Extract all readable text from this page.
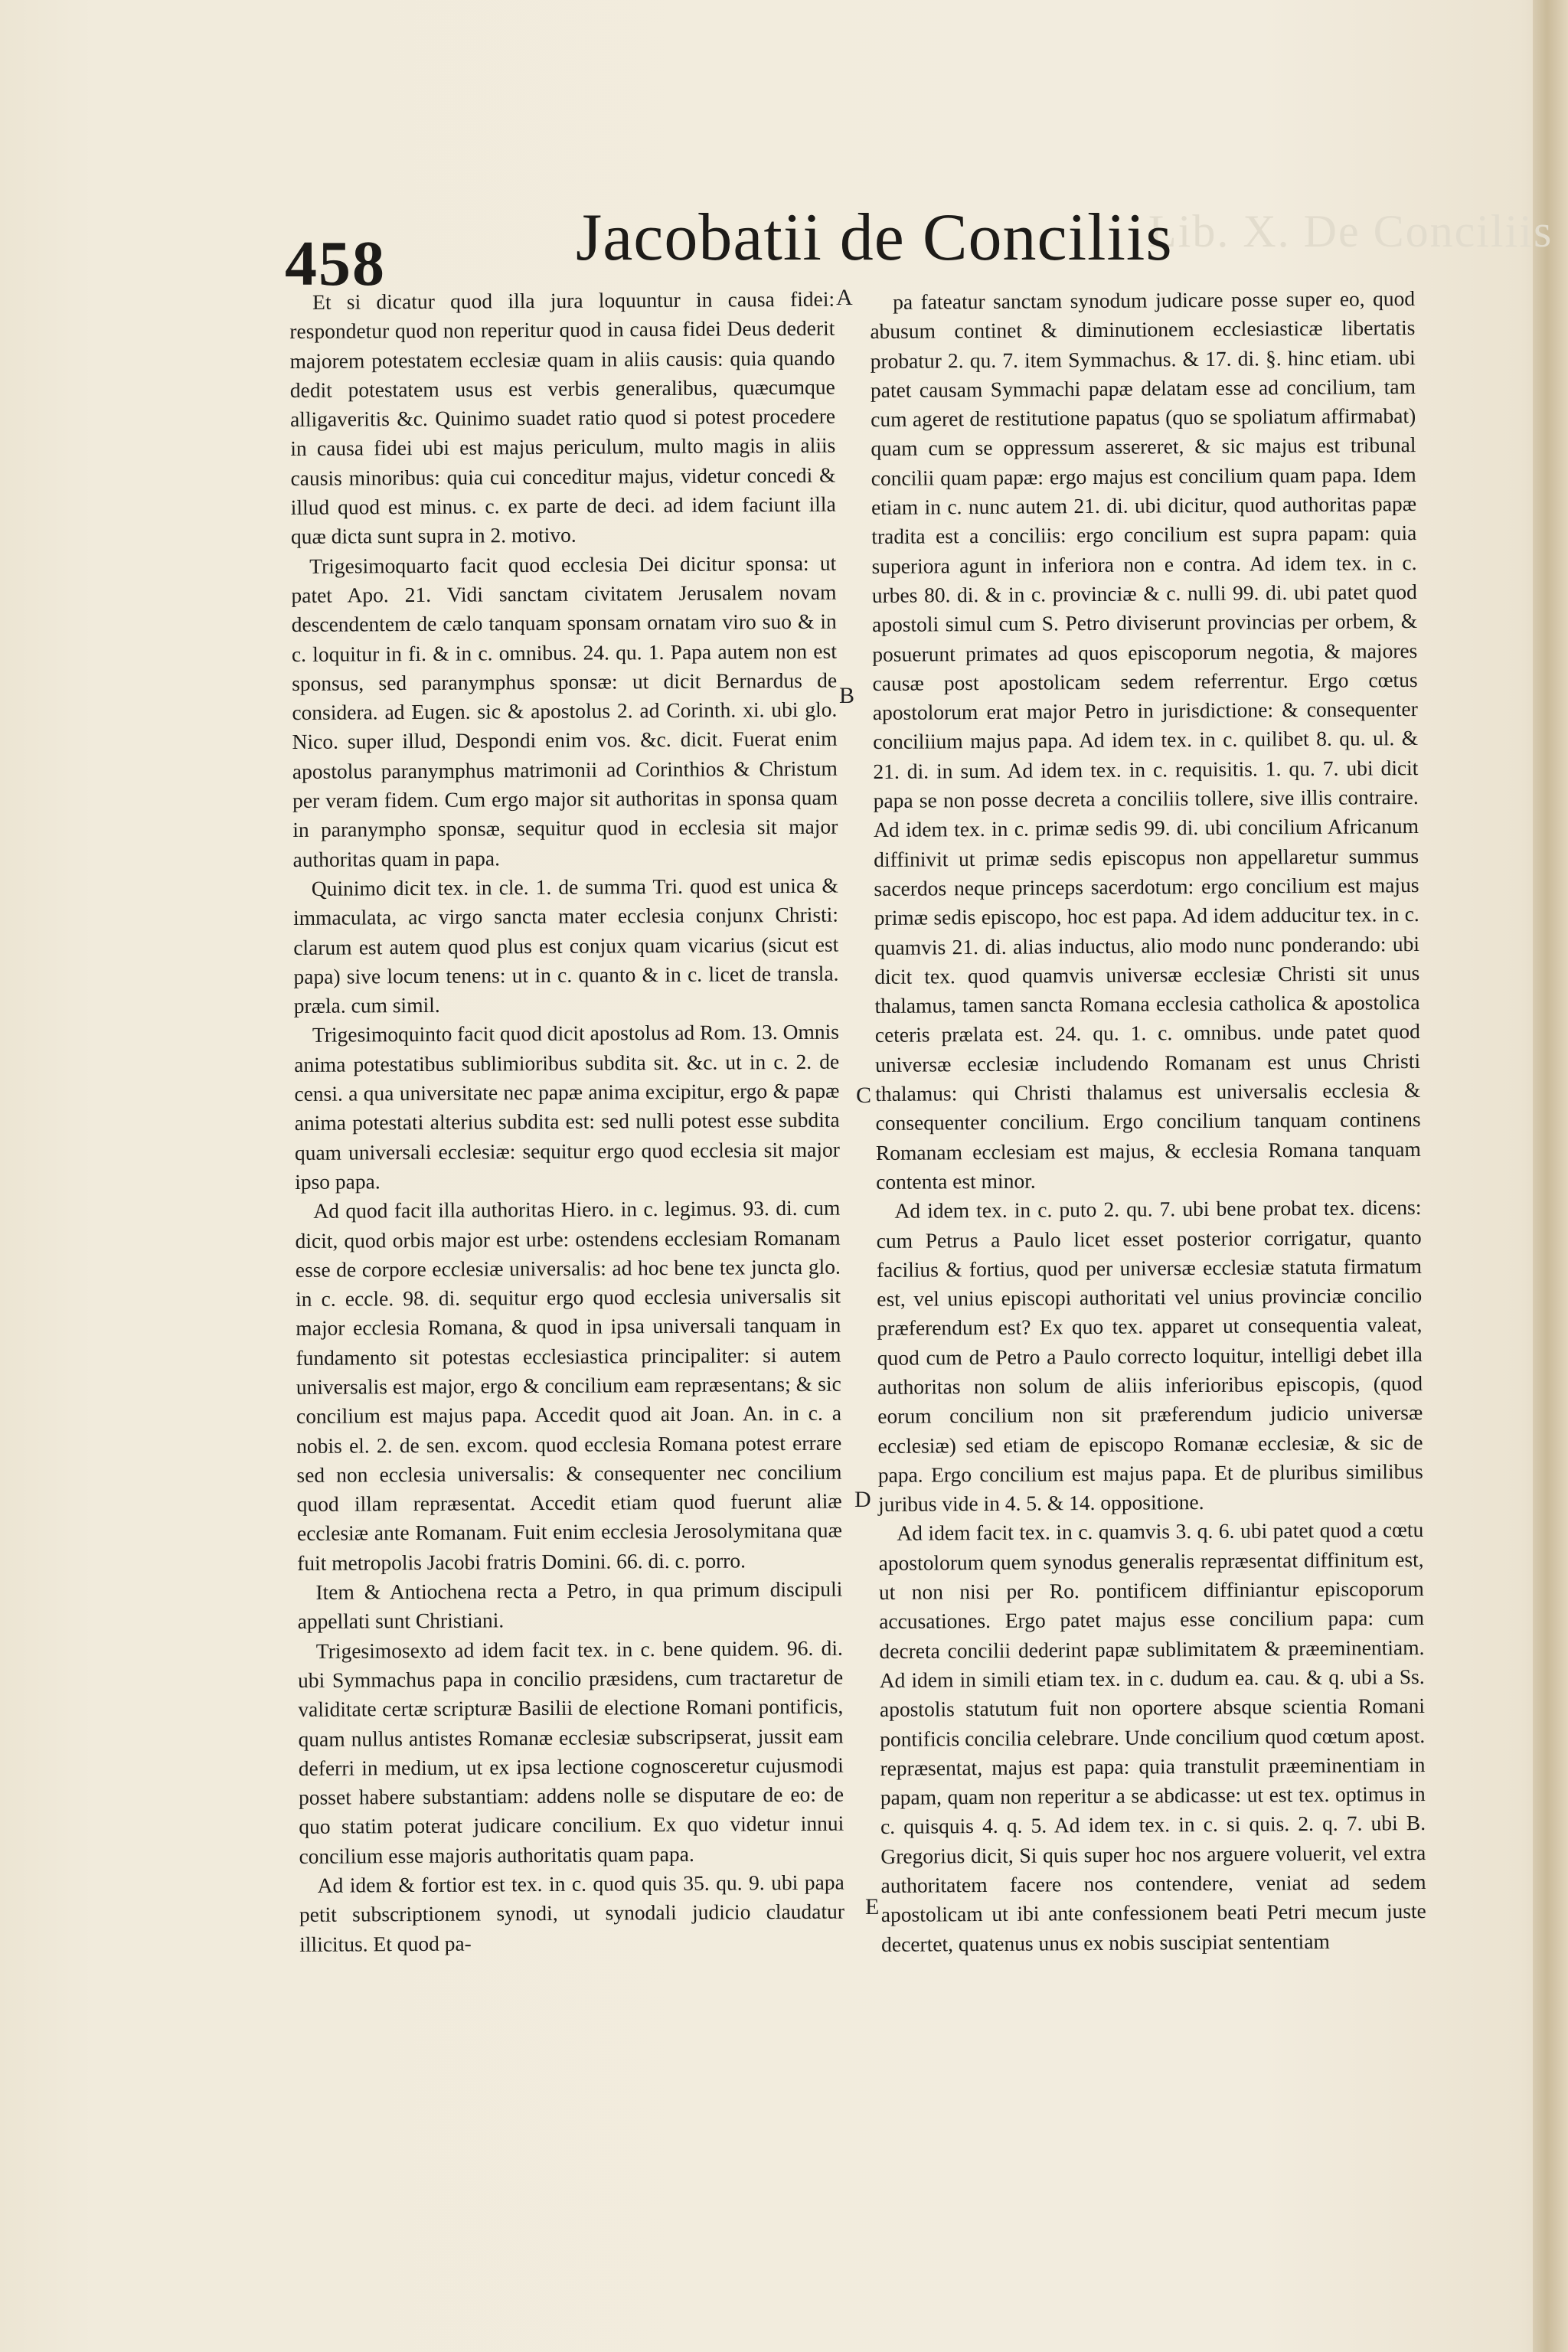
Lib. X. De Conciliis
458	Jacobatii de Conciliis

Et si dicatur quod illa jura loquuntur in causa fidei: respondetur quod non reperitur quod in causa fidei Deus dederit majorem potestatem ecclesiæ quam in aliis causis: quia quando dedit potestatem usus est verbis generalibus, quæcumque alligaveritis &c. Quinimo suadet ratio quod si potest procedere in causa fidei ubi est majus periculum, multo magis in aliis causis minoribus: quia cui conceditur majus, videtur concedi & illud quod est minus. c. ex parte de deci. ad idem faciunt illa quæ dicta sunt supra in 2. motivo.

Trigesimoquarto facit quod ecclesia Dei dicitur sponsa: ut patet Apo. 21. Vidi sanctam civitatem Jerusalem novam descendentem de cælo tanquam sponsam ornatam viro suo & in c. loquitur in fi. & in c. omnibus. 24. qu. 1. Papa autem non est sponsus, sed paranymphus sponsæ: ut dicit Bernardus de considera. ad Eugen. sic & apostolus 2. ad Corinth. xi. ubi glo. Nico. super illud, Despondi enim vos. &c. dicit. Fuerat enim apostolus paranymphus matrimonii ad Corinthios & Christum per veram fidem. Cum ergo major sit authoritas in sponsa quam in paranympho sponsæ, sequitur quod in ecclesia sit major authoritas quam in papa.

Quinimo dicit tex. in cle. 1. de summa Tri. quod est unica & immaculata, ac virgo sancta mater ecclesia conjunx Christi: clarum est autem quod plus est conjux quam vicarius (sicut est papa) sive locum tenens: ut in c. quanto & in c. licet de transla. præla. cum simil.

Trigesimoquinto facit quod dicit apostolus ad Rom. 13. Omnis anima potestatibus sublimioribus subdita sit. &c. ut in c. 2. de censi. a qua universitate nec papæ anima excipitur, ergo & papæ anima potestati alterius subdita est: sed nulli potest esse subdita quam universali ecclesiæ: sequitur ergo quod ecclesia sit major ipso papa.

Ad quod facit illa authoritas Hiero. in c. legimus. 93. di. cum dicit, quod orbis major est urbe: ostendens ecclesiam Romanam esse de corpore ecclesiæ universalis: ad hoc bene tex juncta glo. in c. eccle. 98. di. sequitur ergo quod ecclesia universalis sit major ecclesia Romana, & quod in ipsa universali tanquam in fundamento sit potestas ecclesiastica principaliter: si autem universalis est major, ergo & concilium eam repræsentans; & sic concilium est majus papa. Accedit quod ait Joan. An. in c. a nobis el. 2. de sen. excom. quod ecclesia Romana potest errare sed non ecclesia universalis: & consequenter nec concilium quod illam repræsentat. Accedit etiam quod fuerunt aliæ ecclesiæ ante Romanam. Fuit enim ecclesia Jerosolymitana quæ fuit metropolis Jacobi fratris Domini. 66. di. c. porro.

Item & Antiochena recta a Petro, in qua primum discipuli appellati sunt Christiani.

Trigesimosexto ad idem facit tex. in c. bene quidem. 96. di. ubi Symmachus papa in concilio præsidens, cum tractaretur de validitate certæ scripturæ Basilii de electione Romani pontificis, quam nullus antistes Romanæ ecclesiæ subscripserat, jussit eam deferri in medium, ut ex ipsa lectione cognosceretur cujusmodi posset habere substantiam: addens nolle se disputare de eo: de quo statim poterat judicare concilium. Ex quo videtur innui concilium esse majoris authoritatis quam papa.

Ad idem & fortior est tex. in c. quod quis 35. qu. 9. ubi papa petit subscriptionem synodi, ut synodali judicio claudatur illicitus. Et quod pa-

pa fateatur sanctam synodum judicare posse super eo, quod abusum continet & diminutionem ecclesiasticæ libertatis probatur 2. qu. 7. item Symmachus. & 17. di. §. hinc etiam. ubi patet causam Symmachi papæ delatam esse ad concilium, tam cum ageret de restitutione papatus (quo se spoliatum affirmabat) quam cum se oppressum assereret, & sic majus est tribunal concilii quam papæ: ergo majus est concilium quam papa. Idem etiam in c. nunc autem 21. di. ubi dicitur, quod authoritas papæ tradita est a conciliis: ergo concilium est supra papam: quia superiora agunt in inferiora non e contra. Ad idem tex. in c. urbes 80. di. & in c. provinciæ & c. nulli 99. di. ubi patet quod apostoli simul cum S. Petro diviserunt provincias per orbem, & posuerunt primates ad quos episcoporum negotia, & majores causæ post apostolicam sedem referrentur. Ergo cœtus apostolorum erat major Petro in jurisdictione: & consequenter conciliium majus papa. Ad idem tex. in c. quilibet 8. qu. ul. & 21. di. in sum. Ad idem tex. in c. requisitis. 1. qu. 7. ubi dicit papa se non posse decreta a conciliis tollere, sive illis contraire. Ad idem tex. in c. primæ sedis 99. di. ubi concilium Africanum diffinivit ut primæ sedis episcopus non appellaretur summus sacerdos neque princeps sacerdotum: ergo concilium est majus primæ sedis episcopo, hoc est papa. Ad idem adducitur tex. in c. quamvis 21. di. alias inductus, alio modo nunc ponderando: ubi dicit tex. quod quamvis universæ ecclesiæ Christi sit unus thalamus, tamen sancta Romana ecclesia catholica & apostolica ceteris prælata est. 24. qu. 1. c. omnibus. unde patet quod universæ ecclesiæ includendo Romanam est unus Christi thalamus: qui Christi thalamus est universalis ecclesia & consequenter concilium. Ergo concilium tanquam continens Romanam ecclesiam est majus, & ecclesia Romana tanquam contenta est minor.

Ad idem tex. in c. puto 2. qu. 7. ubi bene probat tex. dicens: cum Petrus a Paulo licet esset posterior corrigatur, quanto facilius & fortius, quod per universæ ecclesiæ statuta firmatum est, vel unius episcopi authoritati vel unius provinciæ concilio præferendum est? Ex quo tex. apparet ut consequentia valeat, quod cum de Petro a Paulo correcto loquitur, intelligi debet illa authoritas non solum de aliis inferioribus episcopis, (quod eorum concilium non sit præferendum judicio universæ ecclesiæ) sed etiam de episcopo Romanæ ecclesiæ, & sic de papa. Ergo concilium est majus papa. Et de pluribus similibus juribus vide in 4. 5. & 14. oppositione.

Ad idem facit tex. in c. quamvis 3. q. 6. ubi patet quod a cœtu apostolorum quem synodus generalis repræsentat diffinitum est, ut non nisi per Ro. pontificem diffiniantur episcoporum accusationes. Ergo patet majus esse concilium papa: cum decreta concilii dederint papæ sublimitatem & præeminentiam. Ad idem in simili etiam tex. in c. dudum ea. cau. & q. ubi a Ss. apostolis statutum fuit non oportere absque scientia Romani pontificis concilia celebrare. Unde concilium quod cœtum apost. repræsentat, majus est papa: quia transtulit præeminentiam in papam, quam non reperitur a se abdicasse: ut est tex. optimus in c. quisquis 4. q. 5. Ad idem tex. in c. si quis. 2. q. 7. ubi B. Gregorius dicit, Si quis super hoc nos arguere voluerit, vel extra authoritatem facere nos contendere, veniat ad sedem apostolicam ut ibi ante confessionem beati Petri mecum juste decertet, quatenus unus ex nobis suscipiat sententiam

A
B
C
D
E
